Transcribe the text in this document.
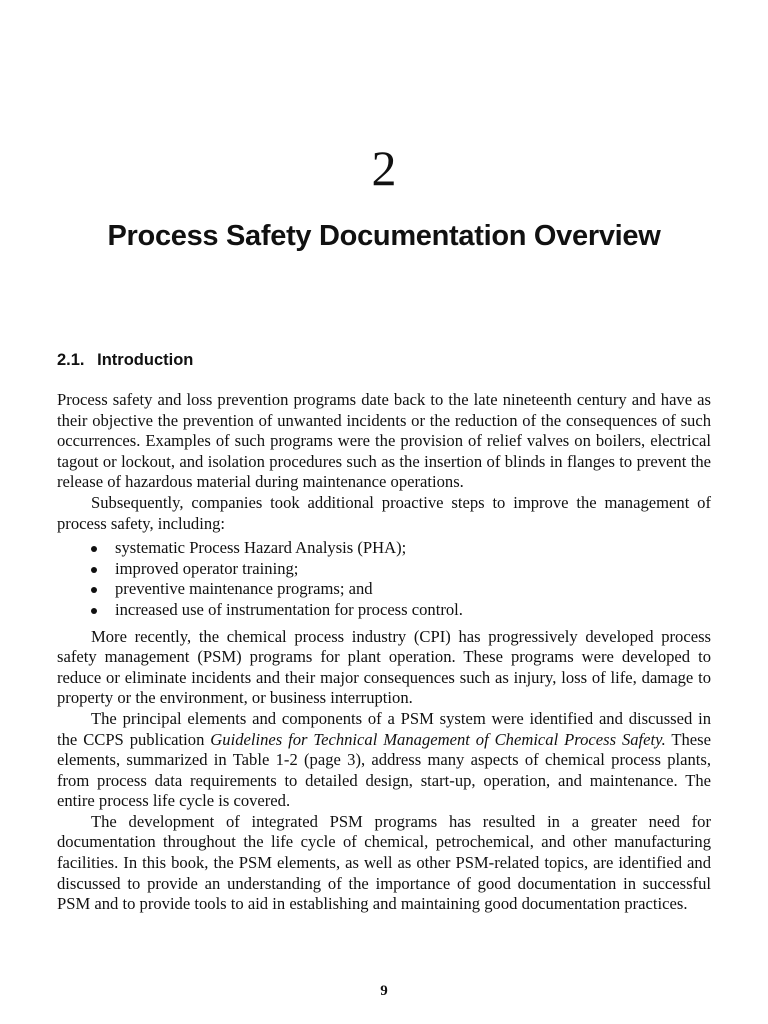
2
Process Safety Documentation Overview
2.1. Introduction

Process safety and loss prevention programs date back to the late nineteenth century and have as their objective the prevention of unwanted incidents or the reduction of the consequences of such occurrences. Examples of such programs were the provision of relief valves on boilers, electrical tagout or lockout, and isolation procedures such as the insertion of blinds in flanges to prevent the release of hazardous material during maintenance operations.

Subsequently, companies took additional proactive steps to improve the management of process safety, including:

systematic Process Hazard Analysis (PHA);
improved operator training;
preventive maintenance programs; and
increased use of instrumentation for process control.

More recently, the chemical process industry (CPI) has progressively developed process safety management (PSM) programs for plant operation. These programs were developed to reduce or eliminate incidents and their major consequences such as injury, loss of life, damage to property or the environment, or business interruption.

The principal elements and components of a PSM system were identified and discussed in the CCPS publication Guidelines for Technical Management of Chemical Process Safety. These elements, summarized in Table 1-2 (page 3), address many aspects of chemical process plants, from process data requirements to detailed design, start-up, operation, and maintenance. The entire process life cycle is covered.

The development of integrated PSM programs has resulted in a greater need for documentation throughout the life cycle of chemical, petrochemical, and other manufacturing facilities. In this book, the PSM elements, as well as other PSM-related topics, are identified and discussed to provide an understanding of the importance of good documentation in successful PSM and to provide tools to aid in establishing and maintaining good documentation practices.

9
